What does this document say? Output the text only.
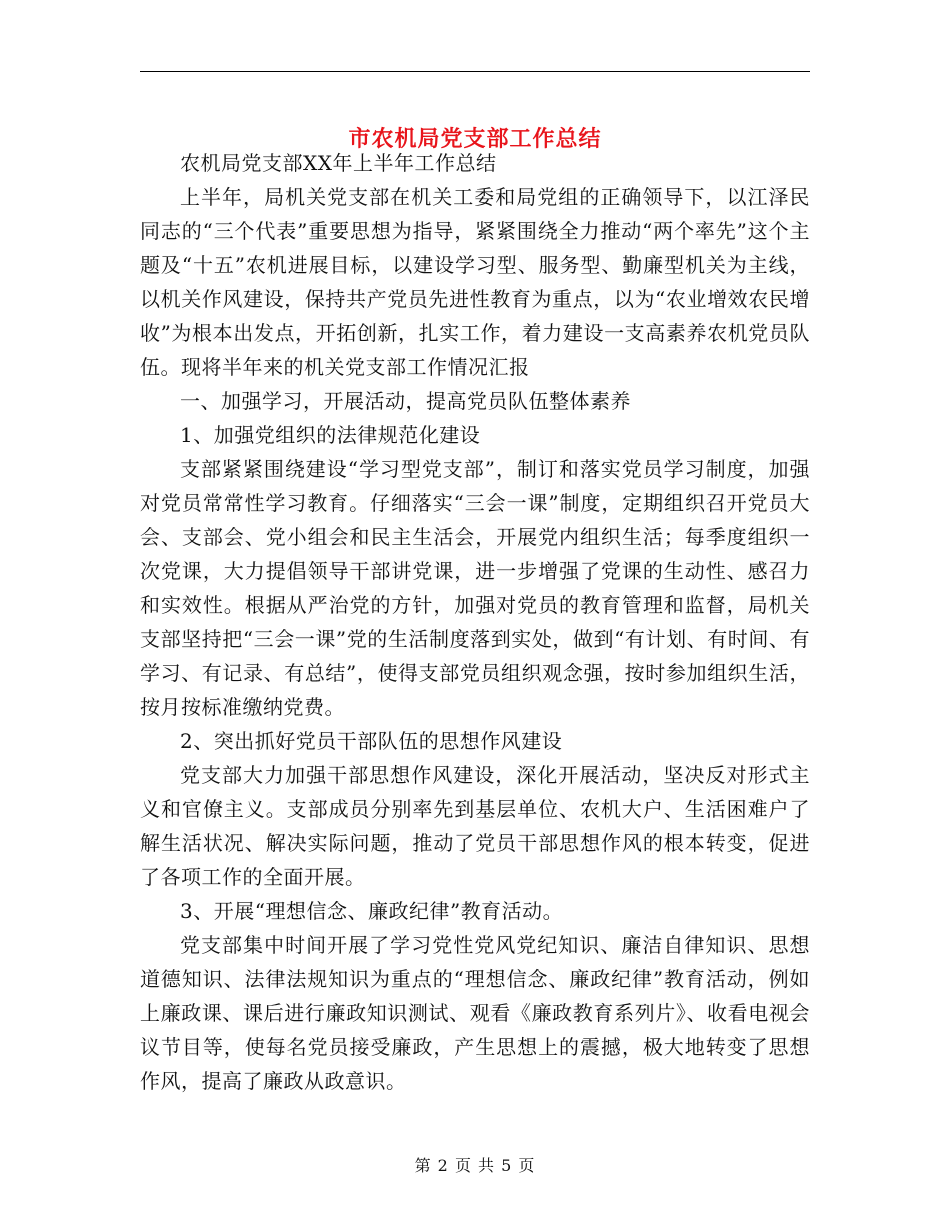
市农机局党支部工作总结

农机局党支部XX年上半年工作总结

上半年，局机关党支部在机关工委和局党组的正确领导下，以江泽民同志的“三个代表”重要思想为指导，紧紧围绕全力推动“两个率先”这个主题及“十五”农机进展目标，以建设学习型、服务型、勤廉型机关为主线，以机关作风建设，保持共产党员先进性教育为重点，以为“农业增效农民增收”为根本出发点，开拓创新，扎实工作，着力建设一支高素养农机党员队伍。现将半年来的机关党支部工作情况汇报

一、加强学习，开展活动，提高党员队伍整体素养

1、加强党组织的法律规范化建设

支部紧紧围绕建设“学习型党支部”，制订和落实党员学习制度，加强对党员常常性学习教育。仔细落实“三会一课”制度，定期组织召开党员大会、支部会、党小组会和民主生活会，开展党内组织生活；每季度组织一次党课，大力提倡领导干部讲党课，进一步增强了党课的生动性、感召力和实效性。根据从严治党的方针，加强对党员的教育管理和监督，局机关支部坚持把“三会一课”党的生活制度落到实处，做到“有计划、有时间、有学习、有记录、有总结”，使得支部党员组织观念强，按时参加组织生活，按月按标准缴纳党费。

2、突出抓好党员干部队伍的思想作风建设

党支部大力加强干部思想作风建设，深化开展活动，坚决反对形式主义和官僚主义。支部成员分别率先到基层单位、农机大户、生活困难户了解生活状况、解决实际问题，推动了党员干部思想作风的根本转变，促进了各项工作的全面开展。

3、开展“理想信念、廉政纪律”教育活动。

党支部集中时间开展了学习党性党风党纪知识、廉洁自律知识、思想道德知识、法律法规知识为重点的“理想信念、廉政纪律”教育活动，例如上廉政课、课后进行廉政知识测试、观看《廉政教育系列片》、收看电视会议节目等，使每名党员接受廉政，产生思想上的震撼，极大地转变了思想作风，提高了廉政从政意识。

第 2 页 共 5 页
